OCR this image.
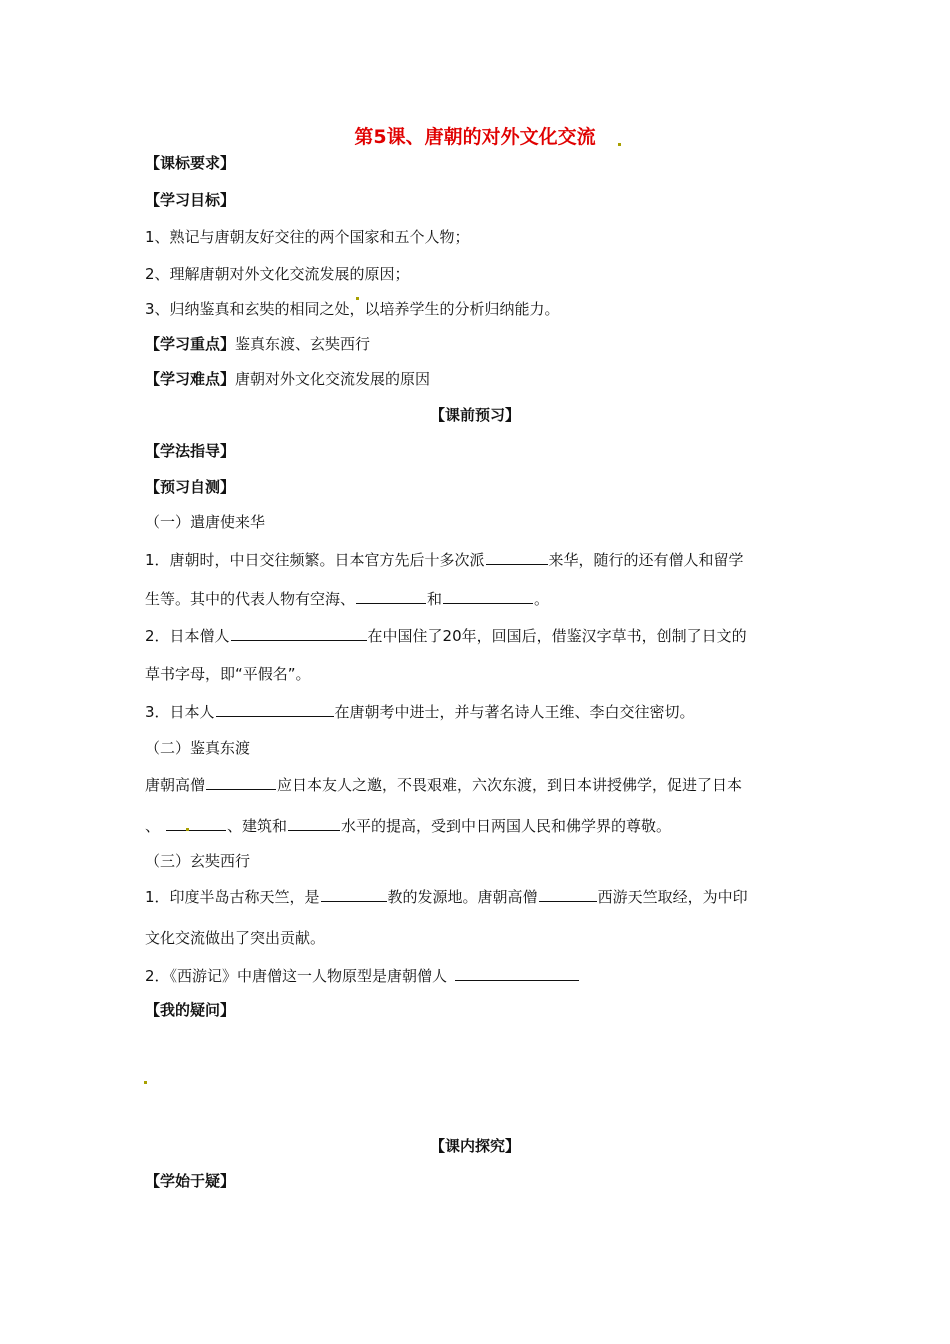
第5课、唐朝的对外文化交流
【课标要求】
【学习目标】
1、熟记与唐朝友好交往的两个国家和五个人物；
2、理解唐朝对外文化交流发展的原因；
3、归纳鉴真和玄奘的相同之处，以培养学生的分析归纳能力。
【学习重点】鉴真东渡、玄奘西行
【学习难点】唐朝对外文化交流发展的原因
【课前预习】
【学法指导】
【预习自测】
（一）遣唐使来华
1．唐朝时，中日交往频繁。日本官方先后十多次派	来华，随行的还有僧人和留学
生等。其中的代表人物有空海、	和	。
2．日本僧人	在中国住了20年，回国后，借鉴汉字草书，创制了日文的
草书字母，即“平假名”。
3．日本人	在唐朝考中进士，并与著名诗人王维、李白交往密切。
（二）鉴真东渡
唐朝高僧	应日本友人之邀，不畏艰难，六次东渡，到日本讲授佛学，促进了日本
、	、建筑和	水平的提高，受到中日两国人民和佛学界的尊敬。
（三）玄奘西行
1．印度半岛古称天竺，是	教的发源地。唐朝高僧	西游天竺取经，为中印
文化交流做出了突出贡献。
2．《西游记》中唐僧这一人物原型是唐朝僧人
【我的疑问】
【课内探究】
【学始于疑】
